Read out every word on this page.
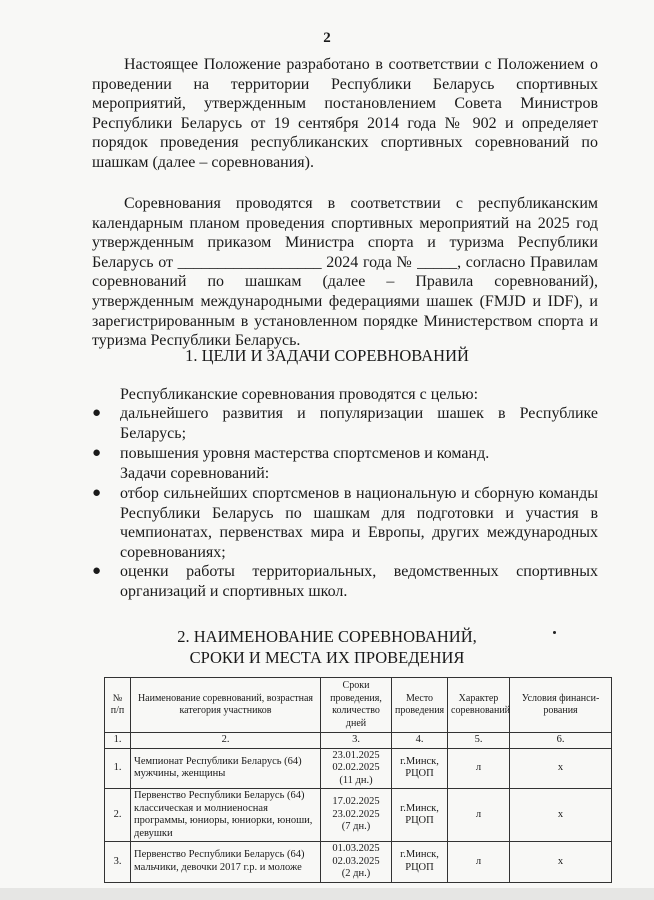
2

Настоящее Положение разработано в соответствии с Положением о проведении на территории Республики Беларусь спортивных мероприятий, утвержденным постановлением Совета Министров Республики Беларусь от 19 сентября 2014 года № 902 и определяет порядок проведения республиканских спортивных соревнований по шашкам (далее – соревнования).

Соревнования проводятся в соответствии с республиканским календарным планом проведения спортивных мероприятий на 2025 год утвержденным приказом Министра спорта и туризма Республики Беларусь от __________________ 2024 года № _____, согласно Правилам соревнований по шашкам (далее – Правила соревнований), утвержденным международными федерациями шашек (FMJD и IDF), и зарегистрированным в установленном порядке Министерством спорта и туризма Республики Беларусь.

1. ЦЕЛИ И ЗАДАЧИ СОРЕВНОВАНИЙ
Республиканские соревнования проводятся с целью:
● дальнейшего развития и популяризации шашек в Республике Беларусь;
● повышения уровня мастерства спортсменов и команд.
Задачи соревнований:
● отбор сильнейших спортсменов в национальную и сборную команды Республики Беларусь по шашкам для подготовки и участия в чемпионатах, первенствах мира и Европы, других международных соревнованиях;
● оценки работы территориальных, ведомственных спортивных организаций и спортивных школ.
2. НАИМЕНОВАНИЕ СОРЕВНОВАНИЙ,
СРОКИ И МЕСТА ИХ ПРОВЕДЕНИЯ
№ п/п	Наименование соревнований, возрастная категория участников	Сроки проведения, количество дней	Место проведения	Характер соревнований	Условия финанси-рования
1.	2.	3.	4.	5.	6.
1.	Чемпионат Республики Беларусь (64) мужчины, женщины	23.01.2025
02.02.2025
(11 дн.)	г.Минск, РЦОП	л	х
2.	Первенство Республики Беларусь (64) классическая и молниеносная программы, юниоры, юниорки, юноши, девушки	17.02.2025
23.02.2025
(7 дн.)	г.Минск, РЦОП	л	х
3.	Первенство Республики Беларусь (64) мальчики, девочки 2017 г.р. и моложе	01.03.2025
02.03.2025
(2 дн.)	г.Минск, РЦОП	л	х
